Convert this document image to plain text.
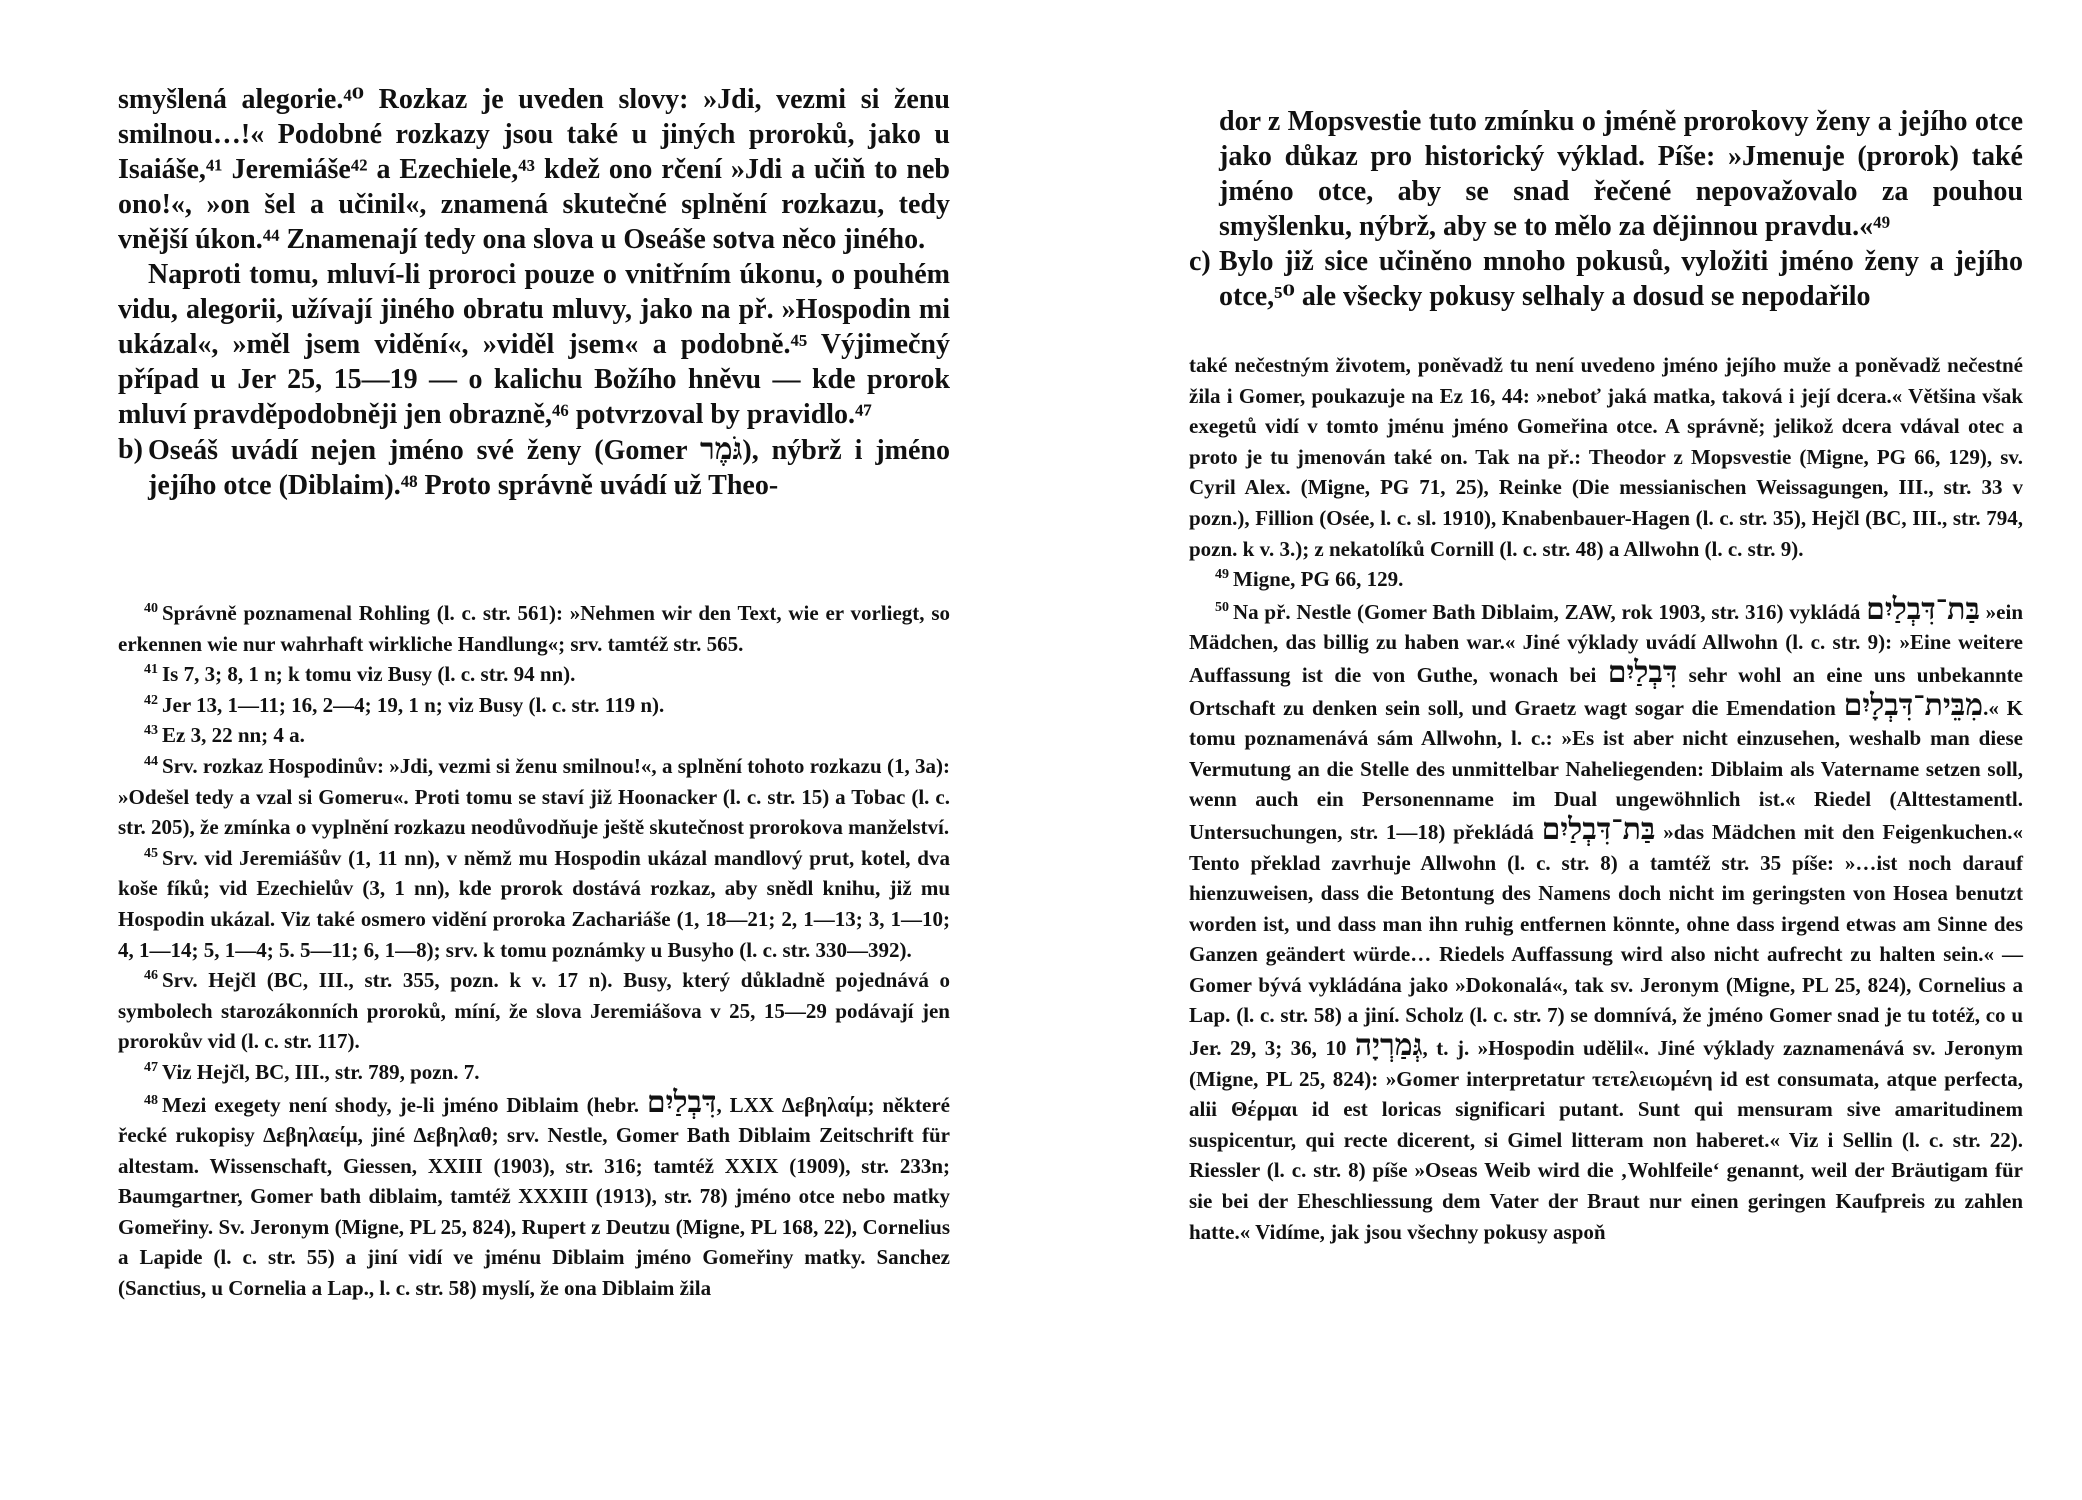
smyšlená alegorie.⁴⁰ Rozkaz je uveden slovy: »Jdi, vezmi si ženu smilnou…!« Podobné rozkazy jsou také u jiných proroků, jako u Isaiáše,⁴¹ Jeremiáše⁴² a Ezechiele,⁴³ kdež ono rčení »Jdi a učiň to neb ono!«, »on šel a učinil«, znamená skutečné splnění rozkazu, tedy vnější úkon.⁴⁴ Znamenají tedy ona slova u Oseáše sotva něco jiného.

Naproti tomu, mluví-li proroci pouze o vnitřním úkonu, o pouhém vidu, alegorii, užívají jiného obratu mluvy, jako na př. »Hospodin mi ukázal«, »měl jsem vidění«, »viděl jsem« a podobně.⁴⁵ Výjimečný případ u Jer 25, 15—19 — o kalichu Božího hněvu — kde prorok mluví pravděpodobněji jen obrazně,⁴⁶ potvrzoval by pravidlo.⁴⁷

b) Oseáš uvádí nejen jméno své ženy (Gomer גֹּמֶר), nýbrž i jméno jejího otce (Diblaim).⁴⁸ Proto správně uvádí už Theo-

$^{40}$ Správně poznamenal Rohling (l. c. str. 561): »Nehmen wir den Text, wie er vorliegt, so erkennen wie nur wahrhaft wirkliche Handlung«; srv. tamtéž str. 565.

$^{41}$ Is 7, 3; 8, 1 n; k tomu viz Busy (l. c. str. 94 nn).

$^{42}$ Jer 13, 1—11; 16, 2—4; 19, 1 n; viz Busy (l. c. str. 119 n).

$^{43}$ Ez 3, 22 nn; 4 a.

$^{44}$ Srv. rozkaz Hospodinův: »Jdi, vezmi si ženu smilnou!«, a splnění tohoto rozkazu (1, 3a): »Odešel tedy a vzal si Gomeru«. Proti tomu se staví již Hoonacker (l. c. str. 15) a Tobac (l. c. str. 205), že zmínka o vyplnění rozkazu neodůvodňuje ještě skutečnost prorokova manželství.

$^{45}$ Srv. vid Jeremiášův (1, 11 nn), v němž mu Hospodin ukázal mandlový prut, kotel, dva koše fíků; vid Ezechielův (3, 1 nn), kde prorok dostává rozkaz, aby snědl knihu, již mu Hospodin ukázal. Viz také osmero vidění proroka Zachariáše (1, 18—21; 2, 1—13; 3, 1—10; 4, 1—14; 5, 1—4; 5. 5—11; 6, 1—8); srv. k tomu poznámky u Busyho (l. c. str. 330—392).

$^{46}$ Srv. Hejčl (BC, III., str. 355, pozn. k v. 17 n). Busy, který důkladně pojednává o symbolech starozákonních proroků, míní, že slova Jeremiášova v 25, 15—29 podávají jen prorokův vid (l. c. str. 117).

$^{47}$ Viz Hejčl, BC, III., str. 789, pozn. 7.

$^{48}$ Mezi exegety není shody, je-li jméno Diblaim (hebr. דִּבְלַיִם, LXX Δεβηλαίμ; některé řecké rukopisy Δεβηλαείμ, jiné Δεβηλαθ; srv. Nestle, Gomer Bath Diblaim Zeitschrift für altestam. Wissenschaft, Giessen, XXIII (1903), str. 316; tamtéž XXIX (1909), str. 233n; Baumgartner, Gomer bath diblaim, tamtéž XXXIII (1913), str. 78) jméno otce nebo matky Gomeřiny. Sv. Jeronym (Migne, PL 25, 824), Rupert z Deutzu (Migne, PL 168, 22), Cornelius a Lapide (l. c. str. 55) a jiní vidí ve jménu Diblaim jméno Gomeřiny matky. Sanchez (Sanctius, u Cornelia a Lap., l. c. str. 58) myslí, že ona Diblaim žila

dor z Mopsvestie tuto zmínku o jméně prorokovy ženy a jejího otce jako důkaz pro historický výklad. Píše: »Jmenuje (prorok) také jméno otce, aby se snad řečené nepovažovalo za pouhou smyšlenku, nýbrž, aby se to mělo za dějinnou pravdu.«⁴⁹

c) Bylo již sice učiněno mnoho pokusů, vyložiti jméno ženy a jejího otce,⁵⁰ ale všecky pokusy selhaly a dosud se nepodařilo

také nečestným životem, poněvadž tu není uvedeno jméno jejího muže a poněvadž nečestné žila i Gomer, poukazuje na Ez 16, 44: »neboť jaká matka, taková i její dcera.« Většina však exegetů vidí v tomto jménu jméno Gomeřina otce. A správně; jelikož dcera vdával otec a proto je tu jmenován také on. Tak na př.: Theodor z Mopsvestie (Migne, PG 66, 129), sv. Cyril Alex. (Migne, PG 71, 25), Reinke (Die messianischen Weissagungen, III., str. 33 v pozn.), Fillion (Osée, l. c. sl. 1910), Knabenbauer-Hagen (l. c. str. 35), Hejčl (BC, III., str. 794, pozn. k v. 3.); z nekatolíků Cornill (l. c. str. 48) a Allwohn (l. c. str. 9).

$^{49}$ Migne, PG 66, 129.

$^{50}$ Na př. Nestle (Gomer Bath Diblaim, ZAW, rok 1903, str. 316) vykládá בַּת־דִּבְלַיִם »ein Mädchen, das billig zu haben war.« Jiné výklady uvádí Allwohn (l. c. str. 9): »Eine weitere Auffassung ist die von Guthe, wonach bei דִּבְלַיִם sehr wohl an eine uns unbekannte Ortschaft zu denken sein soll, und Graetz wagt sogar die Emendation מִבֵּית־דִּבְלָיִם.« K tomu poznamenává sám Allwohn, l. c.: »Es ist aber nicht einzusehen, weshalb man diese Vermutung an die Stelle des unmittelbar Naheliegenden: Diblaim als Vatername setzen soll, wenn auch ein Personenname im Dual ungewöhnlich ist.« Riedel (Alttestamentl. Untersuchungen, str. 1—18) překládá בַּת־דִּבְלַיִם »das Mädchen mit den Feigenkuchen.« Tento překlad zavrhuje Allwohn (l. c. str. 8) a tamtéž str. 35 píše: »…ist noch darauf hienzuweisen, dass die Betontung des Namens doch nicht im geringsten von Hosea benutzt worden ist, und dass man ihn ruhig entfernen könnte, ohne dass irgend etwas am Sinne des Ganzen geändert würde… Riedels Auffassung wird also nicht aufrecht zu halten sein.« — Gomer bývá vykládána jako »Dokonalá«, tak sv. Jeronym (Migne, PL 25, 824), Cornelius a Lap. (l. c. str. 58) a jiní. Scholz (l. c. str. 7) se domnívá, že jméno Gomer snad je tu totéž, co u Jer. 29, 3; 36, 10 גְּמַרְיָה, t. j. »Hospodin udělil«. Jiné výklady zaznamenává sv. Jeronym (Migne, PL 25, 824): »Gomer interpretatur τετελειωμένη id est consumata, atque perfecta, alii Θέρμαι id est loricas significari putant. Sunt qui mensuram sive amaritudinem suspicentur, qui recte dicerent, si Gimel litteram non haberet.« Viz i Sellin (l. c. str. 22). Riessler (l. c. str. 8) píše »Oseas Weib wird die ‚Wohlfeile‘ genannt, weil der Bräutigam für sie bei der Eheschliessung dem Vater der Braut nur einen geringen Kaufpreis zu zahlen hatte.« Vidíme, jak jsou všechny pokusy aspoň
